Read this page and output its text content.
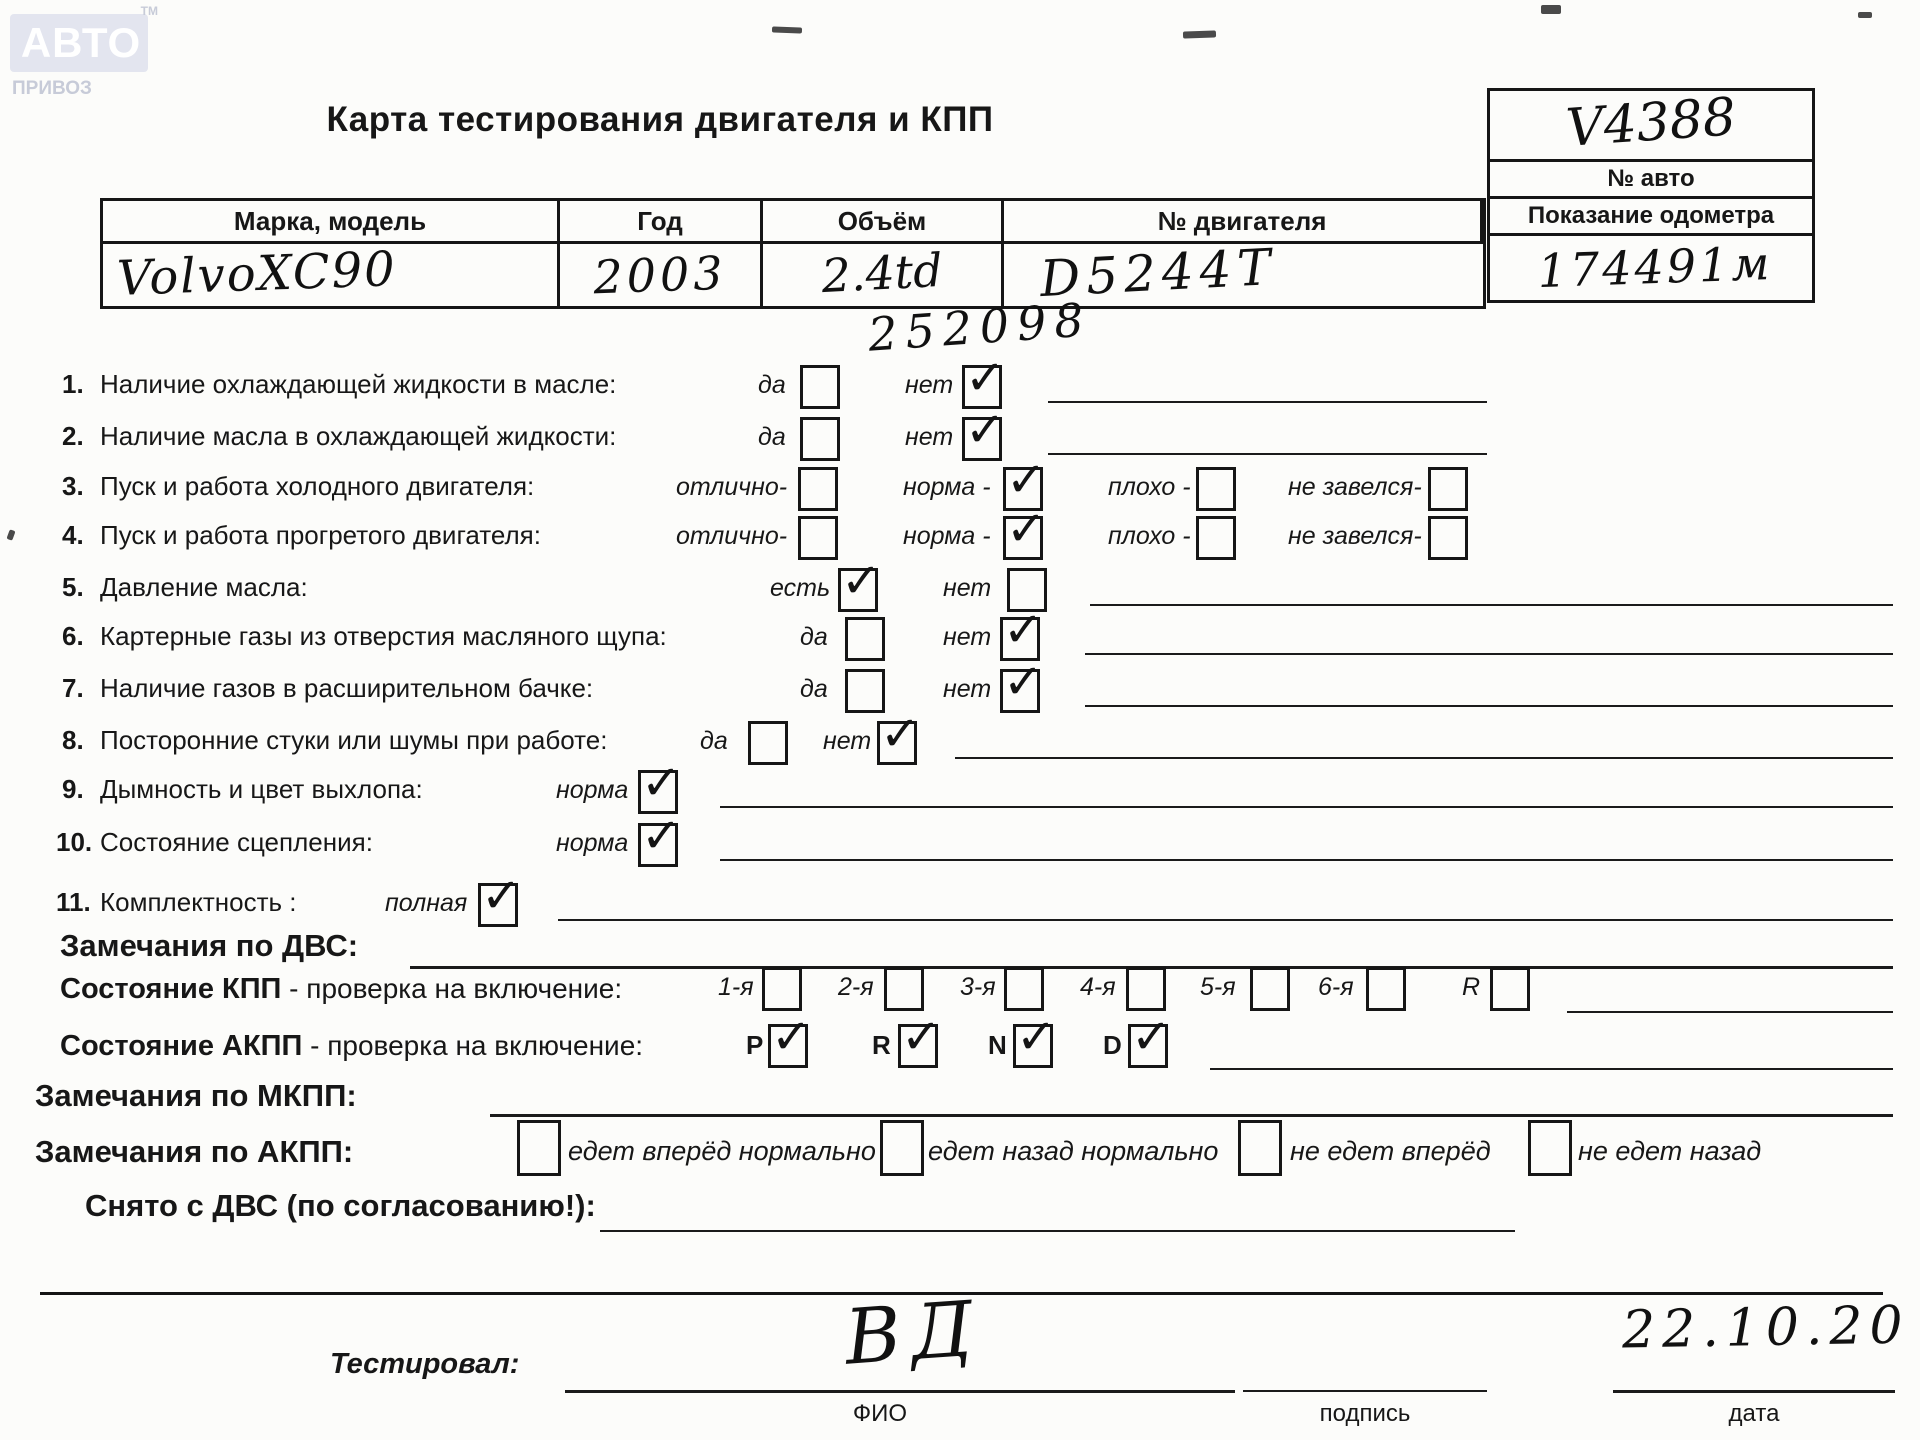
АВТО
TM
ПРИВОЗ
Карта тестирования двигателя и КПП	V4388
№ авто
Показание одометра
174491м
Марка, модель	Год	Объём	№ двигателя
VolvoXC90	2003	2.4td	D5244T
252098
1. Наличие охлаждающей жидкости в масле:	да	нет
✓
2. Наличие масла в охлаждающей жидкости:	да	нет
✓
3. Пуск и работа холодного двигателя:	отлично-	норма - ✓	плохо -	не завелся-
4. Пуск и работа прогретого двигателя:	отлично-	норма - ✓	плохо -	не завелся-
5. Давление масла:	есть ✓	нет
6. Картерные газы из отверстия масляного щупа:	да	нет
✓
7. Наличие газов в расширительном бачке:	да	нет
✓
8. Посторонние стуки или шумы при работе:	да	нет
✓
9. Дымность и цвет выхлопа:	норма
✓
10. Состояние сцепления:	норма
✓
11. Комплектность :	полная
✓
Замечания по ДВС:
Состояние КПП - проверка на включение:	1-я	2-я	3-я	4-я	5-я	6-я	R
Состояние АКПП - проверка на включение:	P ✓	R ✓	N ✓	D
✓
Замечания по МКПП:
Замечания по АКПП:	едет вперёд нормально едет назад нормально	не едет вперёд	не едет назад
Снято с ДВС (по согласованию!):
Тестировал:	ВД
ФИО	подпись
22.10.20
дата
